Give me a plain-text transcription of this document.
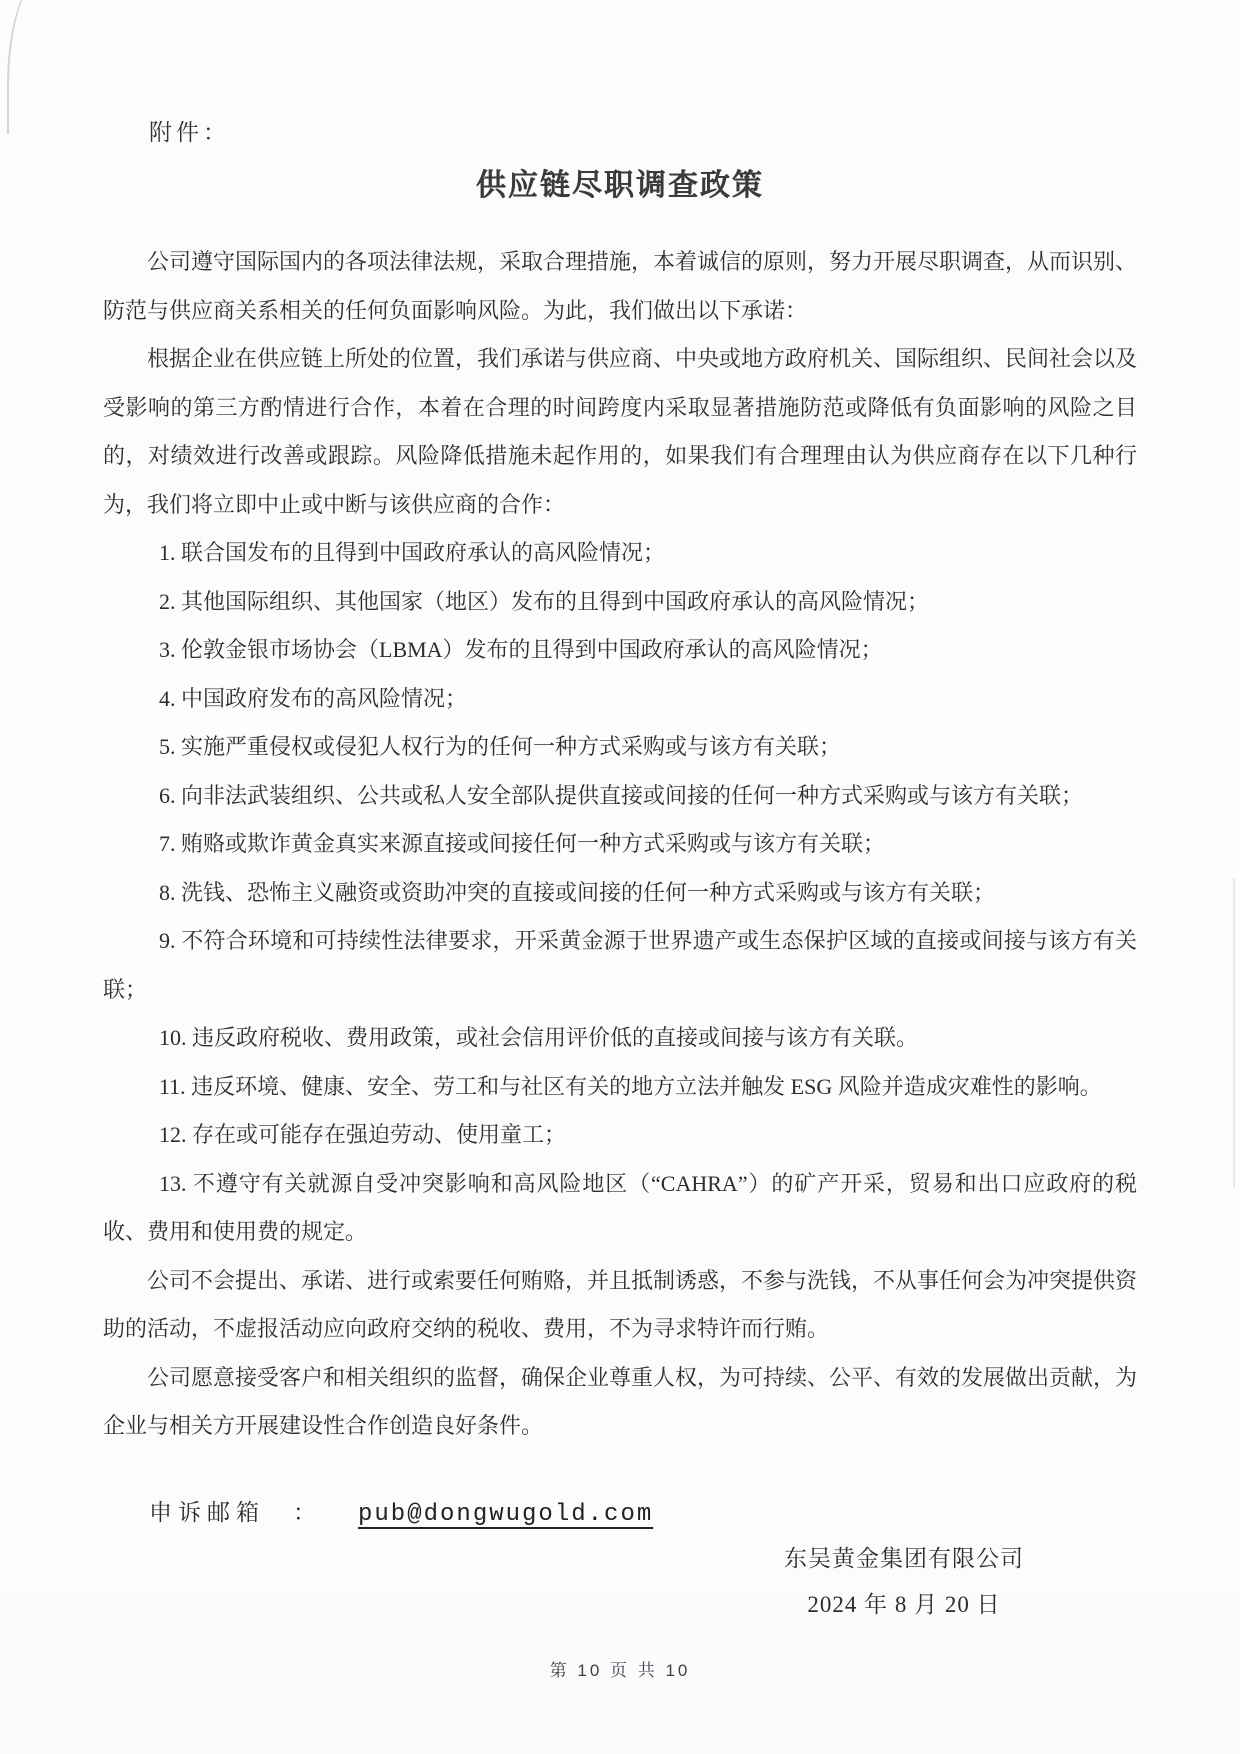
附件：
供应链尽职调查政策

公司遵守国际国内的各项法律法规，采取合理措施，本着诚信的原则，努力开展尽职调查，从而识别、防范与供应商关系相关的任何负面影响风险。为此，我们做出以下承诺：

根据企业在供应链上所处的位置，我们承诺与供应商、中央或地方政府机关、国际组织、民间社会以及受影响的第三方酌情进行合作，本着在合理的时间跨度内采取显著措施防范或降低有负面影响的风险之目的，对绩效进行改善或跟踪。风险降低措施未起作用的，如果我们有合理理由认为供应商存在以下几种行为，我们将立即中止或中断与该供应商的合作：

1. 联合国发布的且得到中国政府承认的高风险情况；

2. 其他国际组织、其他国家（地区）发布的且得到中国政府承认的高风险情况；

3. 伦敦金银市场协会（LBMA）发布的且得到中国政府承认的高风险情况；

4. 中国政府发布的高风险情况；

5. 实施严重侵权或侵犯人权行为的任何一种方式采购或与该方有关联；

6. 向非法武装组织、公共或私人安全部队提供直接或间接的任何一种方式采购或与该方有关联；

7. 贿赂或欺诈黄金真实来源直接或间接任何一种方式采购或与该方有关联；

8. 洗钱、恐怖主义融资或资助冲突的直接或间接的任何一种方式采购或与该方有关联；

9. 不符合环境和可持续性法律要求，开采黄金源于世界遗产或生态保护区域的直接或间接与该方有关联；

10. 违反政府税收、费用政策，或社会信用评价低的直接或间接与该方有关联。

11. 违反环境、健康、安全、劳工和与社区有关的地方立法并触发 ESG 风险并造成灾难性的影响。

12. 存在或可能存在强迫劳动、使用童工；

13. 不遵守有关就源自受冲突影响和高风险地区（“CAHRA”）的矿产开采，贸易和出口应政府的税收、费用和使用费的规定。

公司不会提出、承诺、进行或索要任何贿赂，并且抵制诱惑，不参与洗钱，不从事任何会为冲突提供资助的活动，不虚报活动应向政府交纳的税收、费用，不为寻求特许而行贿。

公司愿意接受客户和相关组织的监督，确保企业尊重人权，为可持续、公平、有效的发展做出贡献，为企业与相关方开展建设性合作创造良好条件。

申诉邮箱 ： pub@dongwugold.com
东吴黄金集团有限公司
2024 年 8 月 20 日
第 10 页 共 10
